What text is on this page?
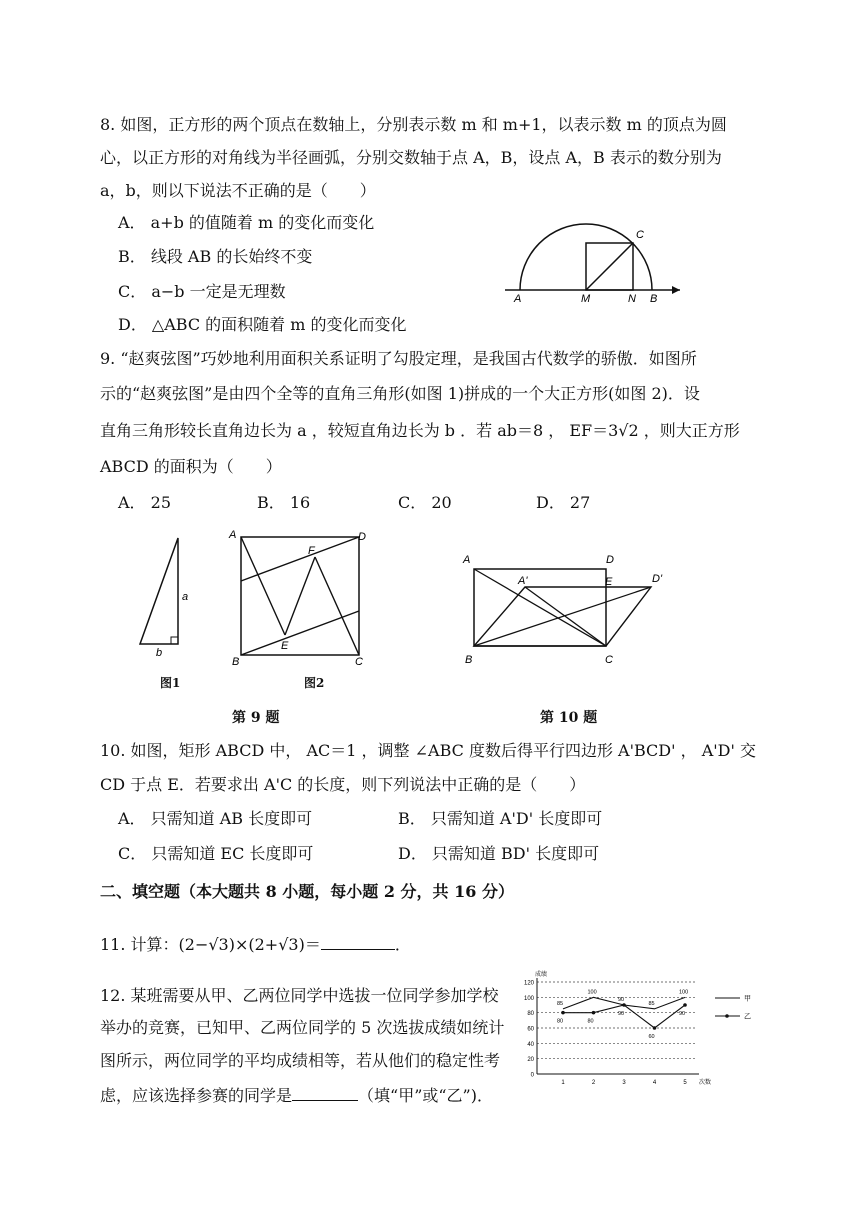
8. 如图，正方形的两个顶点在数轴上，分别表示数 m 和 m+1，以表示数 m 的顶点为圆
心，以正方形的对角线为半径画弧，分别交数轴于点 A，B，设点 A，B 表示的数分别为
a，b，则以下说法不正确的是（　　）
A． a+b 的值随着 m 的变化而变化
B． 线段 AB 的长始终不变
C． a−b 一定是无理数
D． △ABC 的面积随着 m 的变化而变化
A	M	N B
C
9. “赵爽弦图”巧妙地利用面积关系证明了勾股定理，是我国古代数学的骄傲．如图所
示的“赵爽弦图”是由四个全等的直角三角形(如图 1)拼成的一个大正方形(如图 2)．设
直角三角形较长直角边长为 a ，较短直角边长为 b ．若 ab＝8 ， EF＝3√2 ，则大正方形
ABCD 的面积为（　　）
A． 25	B． 16	C． 20	D． 27
a
b
图1
A	D
F
E
B	C
图2
第 9 题
A	D
A'	E	D'
B	C
第 10 题
10. 如图，矩形 ABCD 中， AC＝1 ，调整 ∠ABC 度数后得平行四边形 A'BCD' ， A'D' 交
CD 于点 E．若要求出 A'C 的长度，则下列说法中正确的是（　　）
A． 只需知道 AB 长度即可	B． 只需知道 A'D' 长度即可
C． 只需知道 EC 长度即可	D． 只需知道 BD' 长度即可
二、填空题（本大题共 8 小题，每小题 2 分，共 16 分）
11. 计算：(2−√3)×(2+√3)＝	．
12. 某班需要从甲、乙两位同学中选拔一位同学参加学校
举办的竞赛，已知甲、乙两位同学的 5 次选拔成绩如统计
图所示，两位同学的平均成绩相等，若从他们的稳定性考
虑，应该选择参赛的同学是	（填“甲”或“乙”)．
0
20
40
60
80
100
120
成绩
次数
1	2	3	4	5
85
100
90
85
100
甲
80	80
90
60
90	乙
